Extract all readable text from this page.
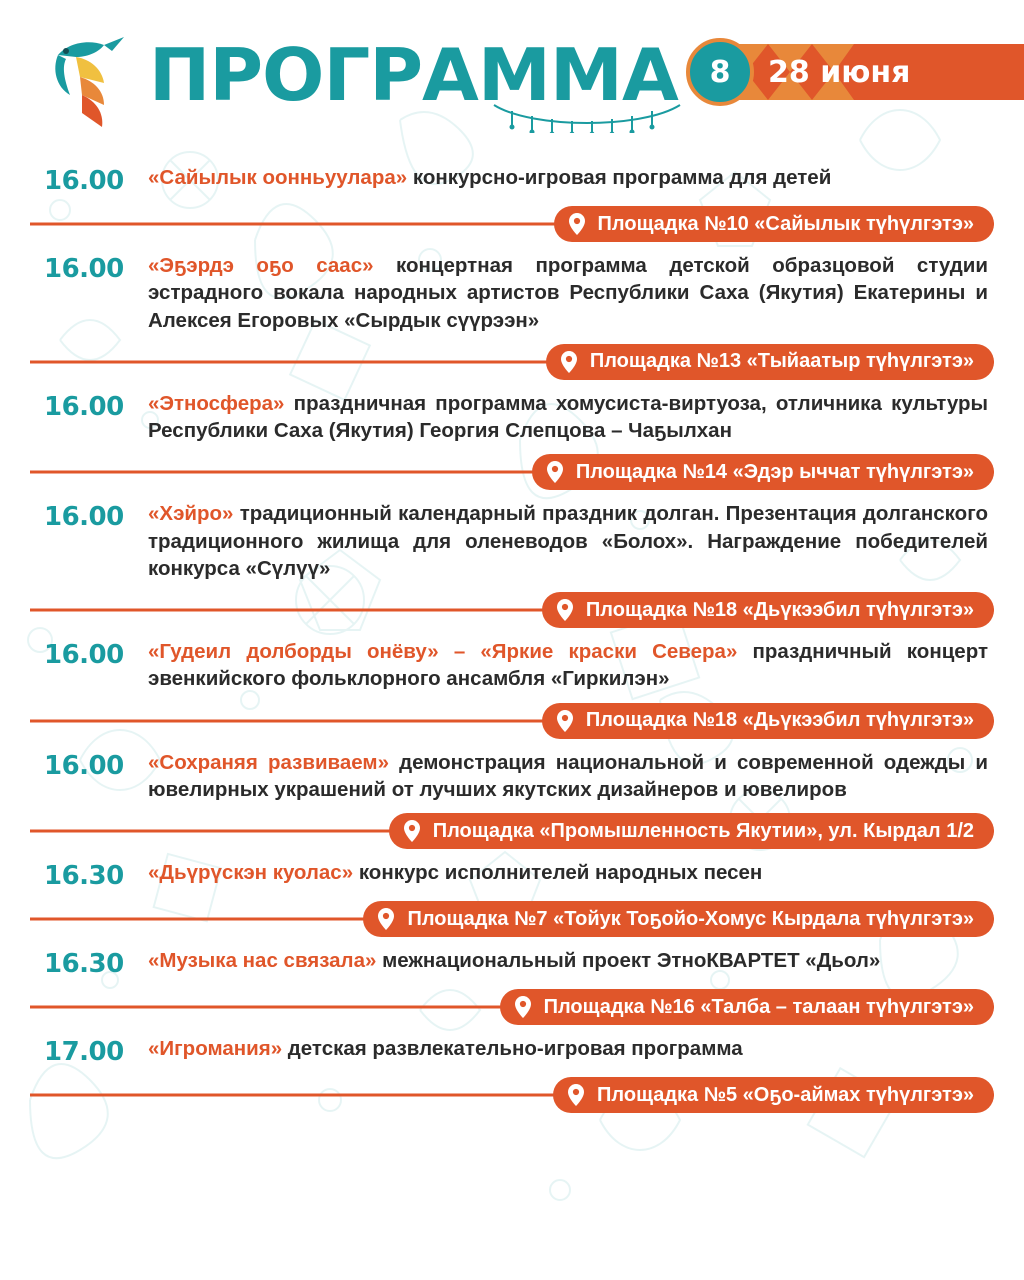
ПРОГРАММА	8	28 июня
16.00	«Сайылык оонньуулара» конкурсно-игровая программа для детей
Площадка №10 «Сайылык түһүлгэтэ»
16.00	«Эҕэрдэ оҕо саас» концертная программа детской образцовой студии эстрадного вокала народных артистов Республики Саха (Якутия) Екатерины и Алексея Егоровых «Сырдык сүүрээн»
Площадка №13 «Тыйаатыр түһүлгэтэ»
16.00	«Этносфера» праздничная программа хомусиста-виртуоза, отличника культуры Республики Саха (Якутия) Георгия Слепцова – Чаҕылхан
Площадка №14 «Эдэр ыччат түһүлгэтэ»
16.00	«Хэйро» традиционный календарный праздник долган. Презентация долганского традиционного жилища для оленеводов «Болох». Награждение победителей конкурса «Сүлүү»
Площадка №18 «Дьүкээбил түһүлгэтэ»
16.00	«Гудеил долборды онёву» – «Яркие краски Севера» праздничный концерт эвенкийского фольклорного ансамбля «Гиркилэн»
Площадка №18 «Дьүкээбил түһүлгэтэ»
16.00	«Сохраняя развиваем» демонстрация национальной и современной одежды и ювелирных украшений от лучших якутских дизайнеров и ювелиров
Площадка «Промышленность Якутии», ул. Кырдал 1/2
16.30	«Дьүрүскэн куолас» конкурс исполнителей народных песен
Площадка №7 «Тойук Тоҕойо-Хомус Кырдала түһүлгэтэ»
16.30	«Музыка нас связала» межнациональный проект ЭтноКВАРТЕТ «Дьол»
Площадка №16 «Талба – талаан түһүлгэтэ»
17.00	«Игромания» детская развлекательно-игровая программа
Площадка №5 «Оҕо-аймах түһүлгэтэ»
